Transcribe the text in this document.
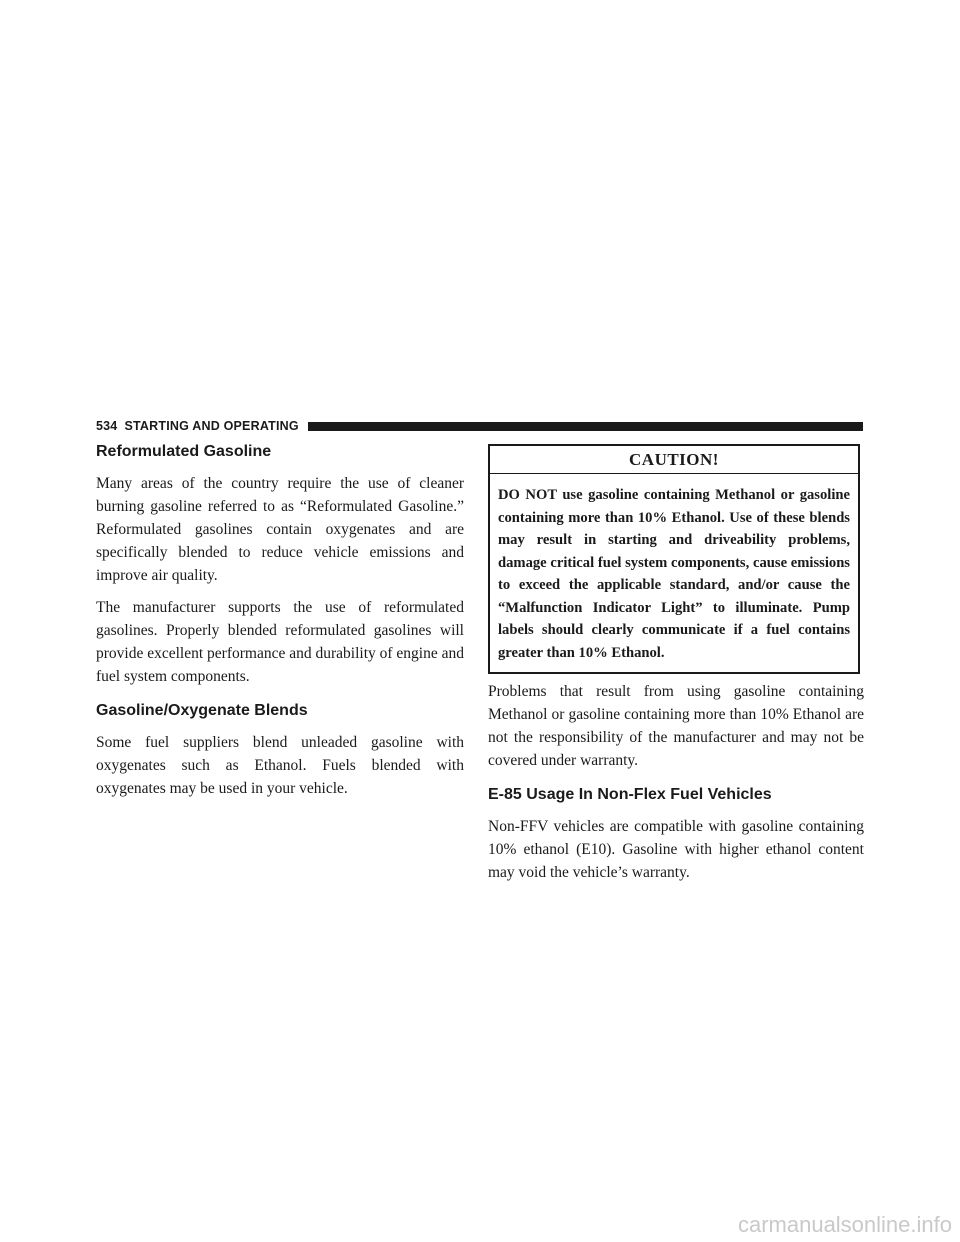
534 STARTING AND OPERATING
Reformulated Gasoline

Many areas of the country require the use of cleaner burning gasoline referred to as “Reformulated Gasoline.” Reformulated gasolines contain oxygenates and are specifically blended to reduce vehicle emissions and improve air quality.

The manufacturer supports the use of reformulated gasolines. Properly blended reformulated gasolines will provide excellent performance and durability of engine and fuel system components.

Gasoline/Oxygenate Blends

Some fuel suppliers blend unleaded gasoline with oxygenates such as Ethanol. Fuels blended with oxygenates may be used in your vehicle.

CAUTION!
DO NOT use gasoline containing Methanol or gasoline containing more than 10% Ethanol. Use of these blends may result in starting and driveability problems, damage critical fuel system components, cause emissions to exceed the applicable standard, and/or cause the “Malfunction Indicator Light” to illuminate. Pump labels should clearly communicate if a fuel contains greater than 10% Ethanol.

Problems that result from using gasoline containing Methanol or gasoline containing more than 10% Ethanol are not the responsibility of the manufacturer and may not be covered under warranty.

E-85 Usage In Non-Flex Fuel Vehicles

Non-FFV vehicles are compatible with gasoline containing 10% ethanol (E10). Gasoline with higher ethanol content may void the vehicle’s warranty.

carmanualsonline.info
